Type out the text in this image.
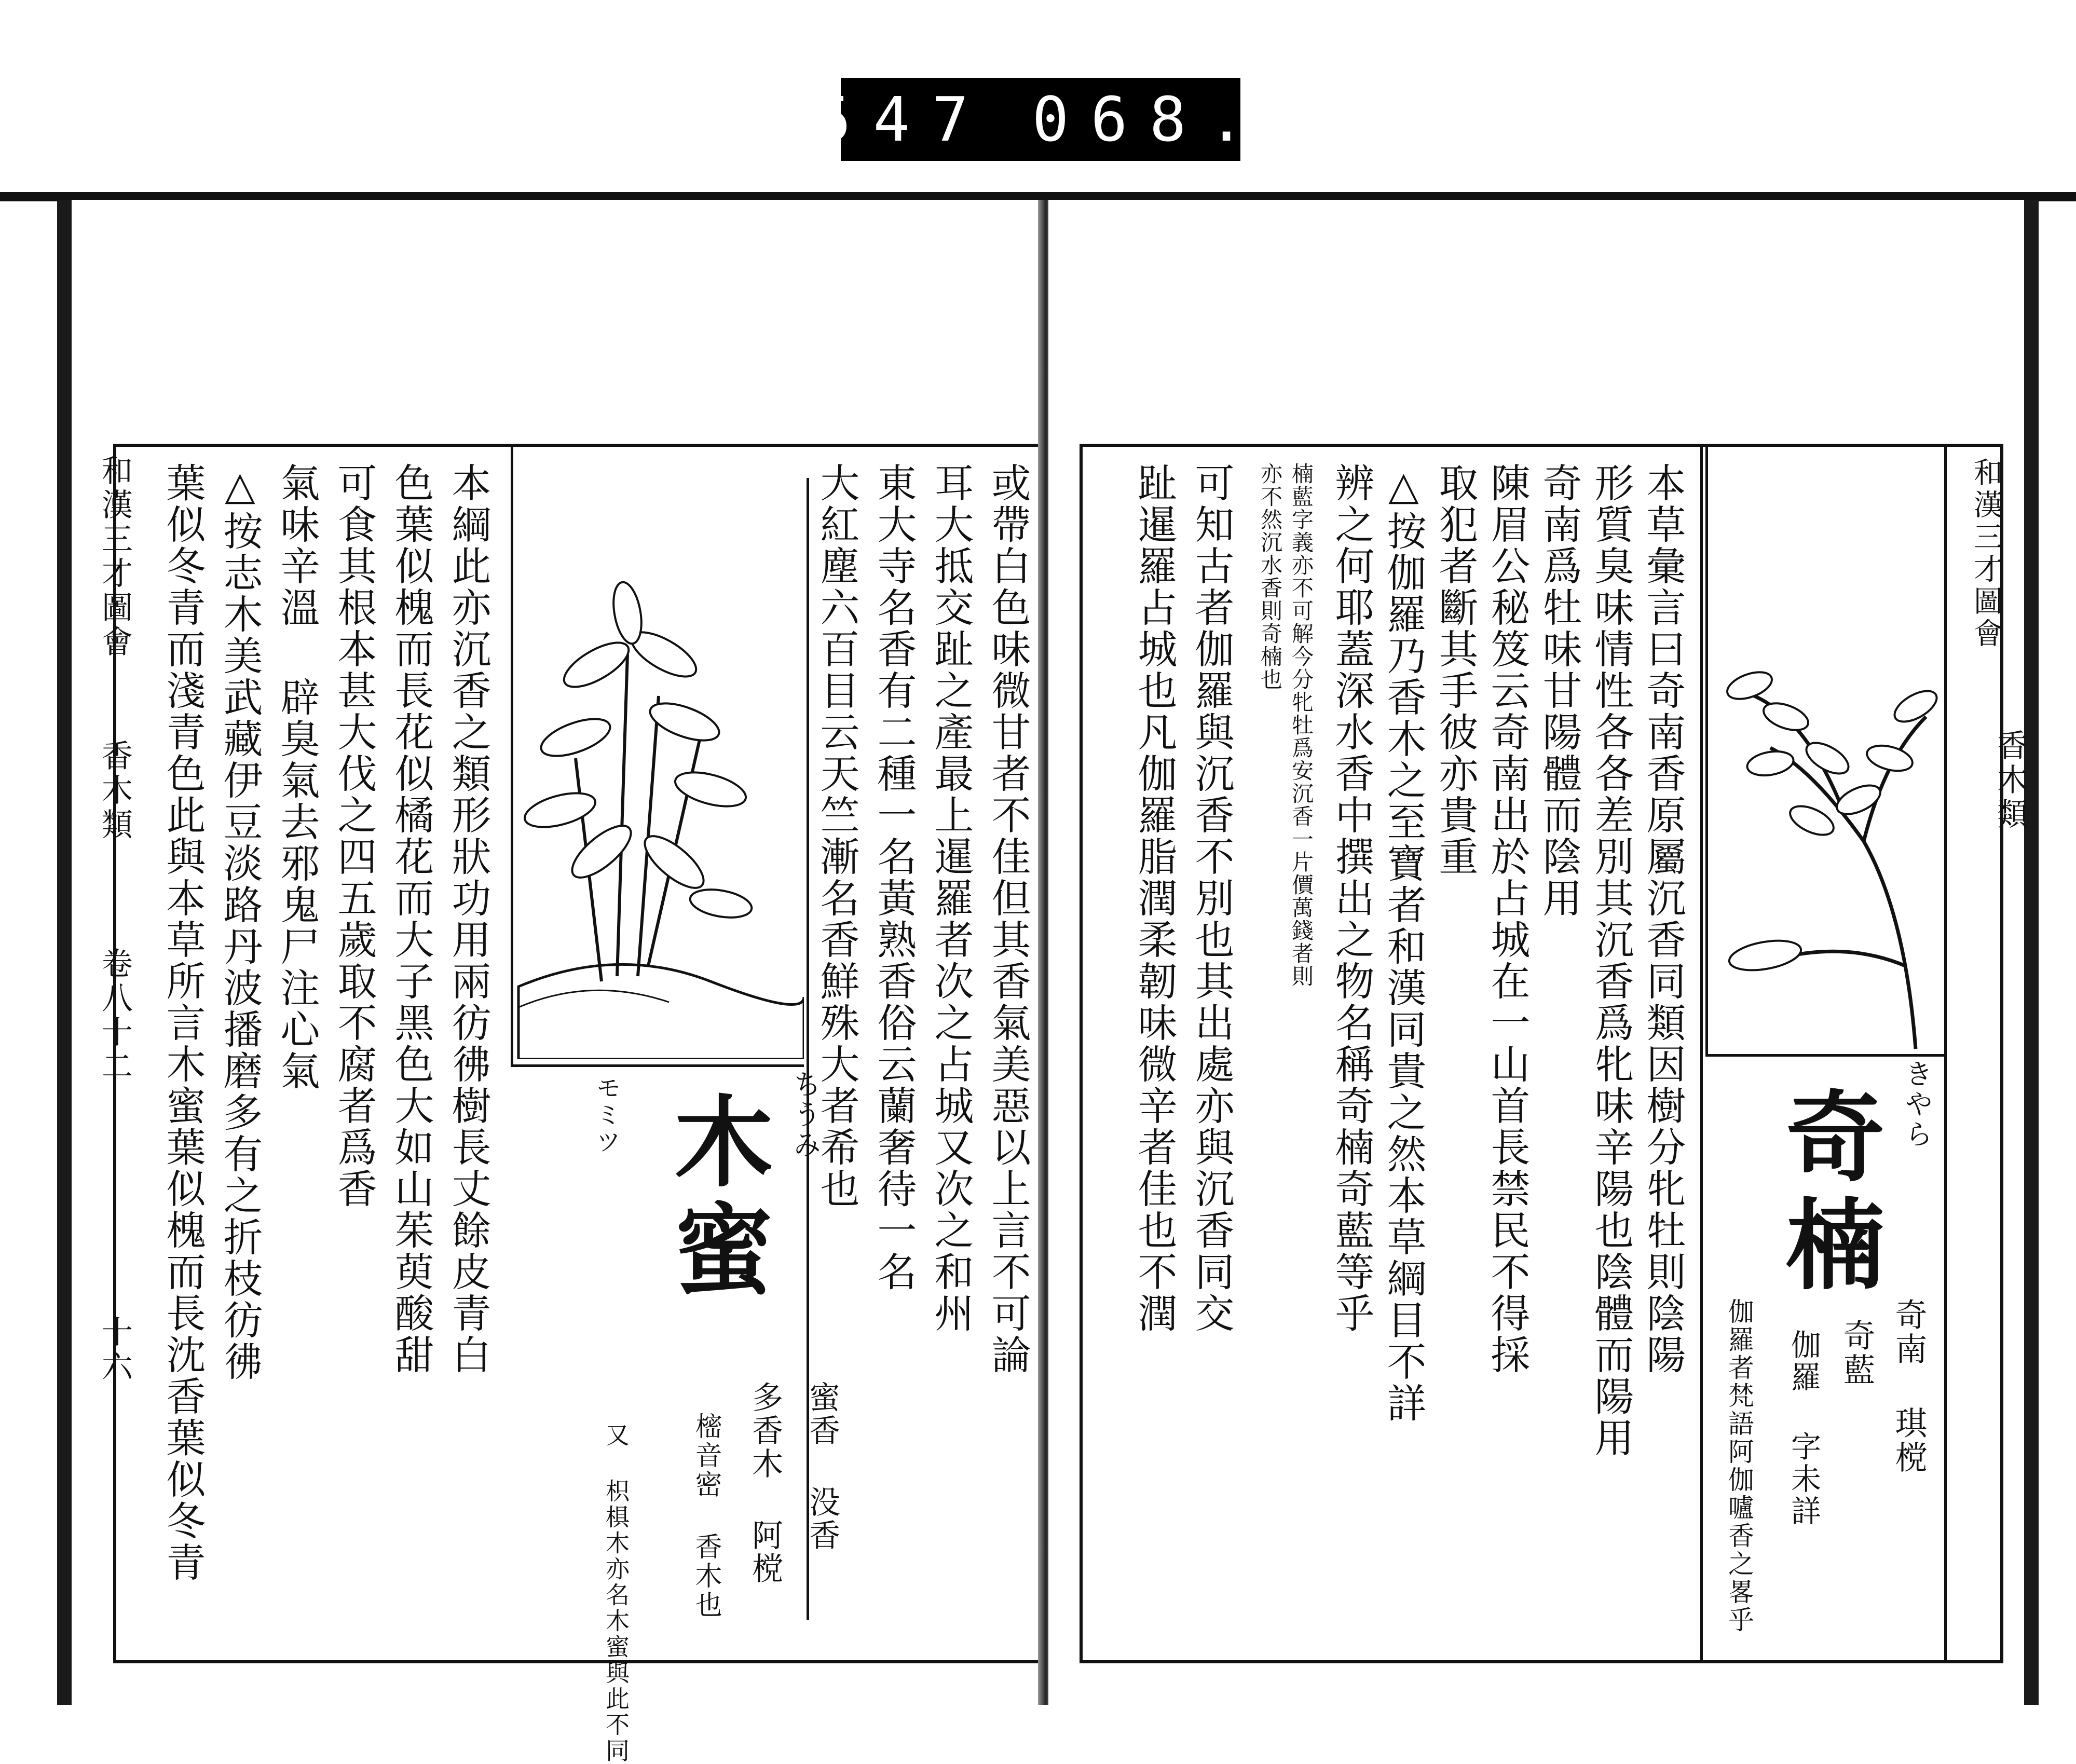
547 068.
和漢三才圖會
香木類
卷八十二
十六	或帶白色味微甘者不佳但其香氣美惡以上言不可論
耳大抵交趾之產最上暹羅者次之占城又次之和州
東大寺名香有二種一名黃熟香俗云蘭奢待一名
大紅塵六百目云天竺漸名香鮮殊大者希也
ちうみ
木蜜
モミツ
蜜香 没香
多香木 阿𣗋
樒音密 香木也
又 枳椇木亦名木蜜與此不同
本綱此亦沉香之類形狀功用兩彷彿樹長丈餘皮青白
色葉似槐而長花似橘花而大子黑色大如山茱萸酸甜
可食其根本甚大伐之四五歲取不腐者爲香
氣味辛溫 辟臭氣去邪鬼尸注心氣
△按志木美武藏伊豆淡路丹波播磨多有之折枝彷彿
葉似冬青而淺青色此與本草所言木蜜葉似槐而長沈香葉似冬青	和漢三才圖會
きやら
奇楠
奇南 琪𣗋
奇藍
伽羅 字未詳
伽羅者梵語阿伽嚧香之畧乎
本草彙言曰奇南香原屬沉香同類因樹分牝牡則陰陽
形質臭味情性各各差別其沉香爲牝味辛陽也陰體而陽用
奇南爲牡味甘陽體而陰用
陳眉公秘笈云奇南出於占城在一山首長禁民不得採
取犯者斷其手彼亦貴重
△按伽羅乃香木之至寶者和漢同貴之然本草綱目不詳
辨之何耶蓋深水香中撰出之物名稱奇楠奇藍等乎
楠藍字義亦不可解今分牝牡爲安沉香一片價萬錢者則
亦不然沉水香則奇楠也
可知古者伽羅與沉香不別也其出處亦與沉香同交
趾暹羅占城也凡伽羅脂潤柔韌味微辛者佳也不潤	香木類
